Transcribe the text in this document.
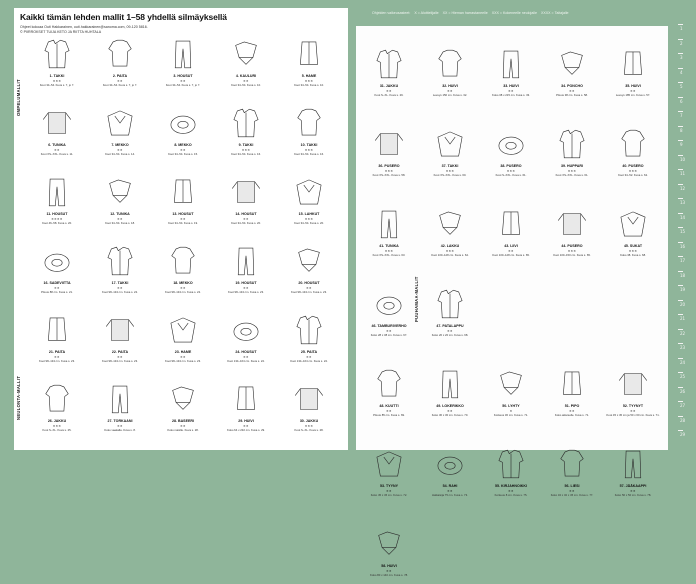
Ohjeiden vaikeusasteet: X = Aloittelijalle XX = Hieman harrastaneelle XXX = Kokeneelle neulojalle XXXX = Taitajalle
1
2
3
4
5
6
7
8
9
10
11
12
13
14
15
16
17
18
19
20
21
22
23
24
25
26
27
28
29
Kaikki tämän lehden mallit 1–58 yhdellä silmäyksellä
Ohjeet kokoaa Outi Hakkarainen, outi.hakkarainen@sanoma.com, 09-120 5816.
© PIIRROKSET TUIJA KETO JA RIITTA HUHTALA
OMPELUMALLIT
NEULONTA-MALLIT
1. TAKKI
✕✕✕
Koot 34–54. Kuva s. 7, jo 7.
2. PAITA
✕✕
Koot 34–54. Kuva s. 7, jo 7.
3. HOUSUT
✕✕
Koot 34–54. Kuva s. 7, jo 7.
4. KAULURI
✕✕
Koot 34–54. Kuva s. 10.
5. HAME
✕✕✕
Koot 34–54. Kuva s. 10.
6. TUNIKA
✕✕
Koot XS–XXL. Kuva s. 11.
7. MEKKO
✕✕
Koot 34–54. Kuva s. 14.
8. MEKKO
✕✕
Koot 34–54. Kuva s. 15.
9. TAKKI
✕✕✕
Koot 34–54. Kuva s. 16.
10. TAKKI
✕✕✕
Koot 34–54. Kuva s. 16.
11. HOUSUT
✕✕✕✕
Koot 46–58. Kuva s. 20.
12. TUNIKA
✕✕
Koot 34–54. Kuva s. 18.
13. HOUSUT
✕✕
Koot 34–54. Kuva s. 19.
14. HOUSUT
✕✕
Koot 34–54. Kuva s. 20.
15. LAHKUT
✕✕✕
Koot 34–54. Kuva s. 20.
16. SADEVIITTA
✕✕
Pituus 88 cm. Kuva s. 21.
17. TAKKI
✕✕
Koot 98–134 cm. Kuva s. 22.
18. MEKKO
✕✕
Koot 98–134 cm. Kuva s. 22.
19. HOUSUT
✕✕
Koot 98–134 cm. Kuva s. 23.
20. HOUSUT
✕✕
Koot 98–134 cm. Kuva s. 23.
21. PAITA
✕✕
Koot 98–134 cm. Kuva s. 23.
22. PAITA
✕✕
Koot 98–134 cm. Kuva s. 23.
23. HAME
✕✕
Koot 98–134 cm. Kuva s. 23.
24. HOUSUT
✕✕
Koot 134–164 cm. Kuva s. 24.
25. PAITA
✕✕
Koot 134–164 cm. Kuva s. 24.
26. JAKKU
✕✕✕
Koot S–XL. Kuva s. 25.
27. TORKAANI
✕✕
Koko vaakalla. Kuva s. 8.
28. BASEERI
✕✕
Koko naisille. Kuva s. 28.
29. HUIVI
✕✕
Koko 64 x 232 cm. Kuva s. 29.
30. JAKKU
✕✕✕
Koot S–XL. Kuva s. 28.
PUUHAMAA-MALLIT
31. JAKKU
✕✕
Koot S–XL. Kuva s. 29.
32. HUIVI
✕✕
Leveys 150 cm. Kuva s. 32.
33. HUIVI
✕✕
Koko 38 x 215 cm. Kuva s. 33.
34. PONCHO
✕✕
Pituus 38 cm. Kuva s. 58.
35. HUIVI
✕✕
Leveys 185 cm. Kuva s. 57.
36. PUSERO
✕✕✕
Koot XS–XXL. Kuva s. 58.
37. TAKKI
✕✕✕
Koot XS–XXL. Kuva s. 60.
38. PUSERO
✕✕✕
Koot S–XXL. Kuva s. 61.
39. HUPPARI
✕✕✕
Koot XS–XXL. Kuva s. 61.
40. PUSERO
✕✕✕
Koot 34–52. Kuva s. 62.
41. TUNIKA
✕✕✕
Koot XS–XXL. Kuva s. 63.
42. LAKKU
✕✕✕
Koot 100–128 cm. Kuva s. 64.
43. LIIVI
✕✕
Koot 100–128 cm. Kuva s. 65.
44. PUSERO
✕✕✕
Koot 100–150 cm. Kuva s. 65.
45. SUKAT
✕✕✕
Koko 38. Kuva s. 68.
46. TAMBURIVERHO
✕✕
Koko 28 x 38 cm. Kuva s. 67.
47. PATALAPPU
✕✕
Koko 20 x 20 cm. Kuva s. 68.
48. KUUTTI
✕✕
Pituus 85 cm. Kuva s. 69.
49. LOKERIKKO
✕✕
Koko 30 x 30 cm. Kuva s. 70.
50. LYHTY
✕
Korkeus 30 cm. Kuva s. 71.
51. PIPO
✕✕
Koko aikuiselle. Kuva s. 71.
52. TYYNYT
✕✕
Koot 45 x 45 cm ja 50 x 60 cm. Kuva s. 71.
53. TYYNY
✕✕
Koko 45 x 45 cm. Kuva s. 72.
54. RAHI
✕✕
Halkaisija 75 cm. Kuva s. 73.
55. KIRJAHNOIKKI
✕✕
Korkeus 8 cm. Kuva s. 75.
56. LIESI
✕✕
Koko 32 x 32 x 45 cm. Kuva s. 77.
57. JÄÄKAAPPI
✕✕
Koko 50 x 50 cm. Kuva s. 78.
58. HUIVI
✕✕
Koko 80 x 140 cm. Kuva s. 78.
